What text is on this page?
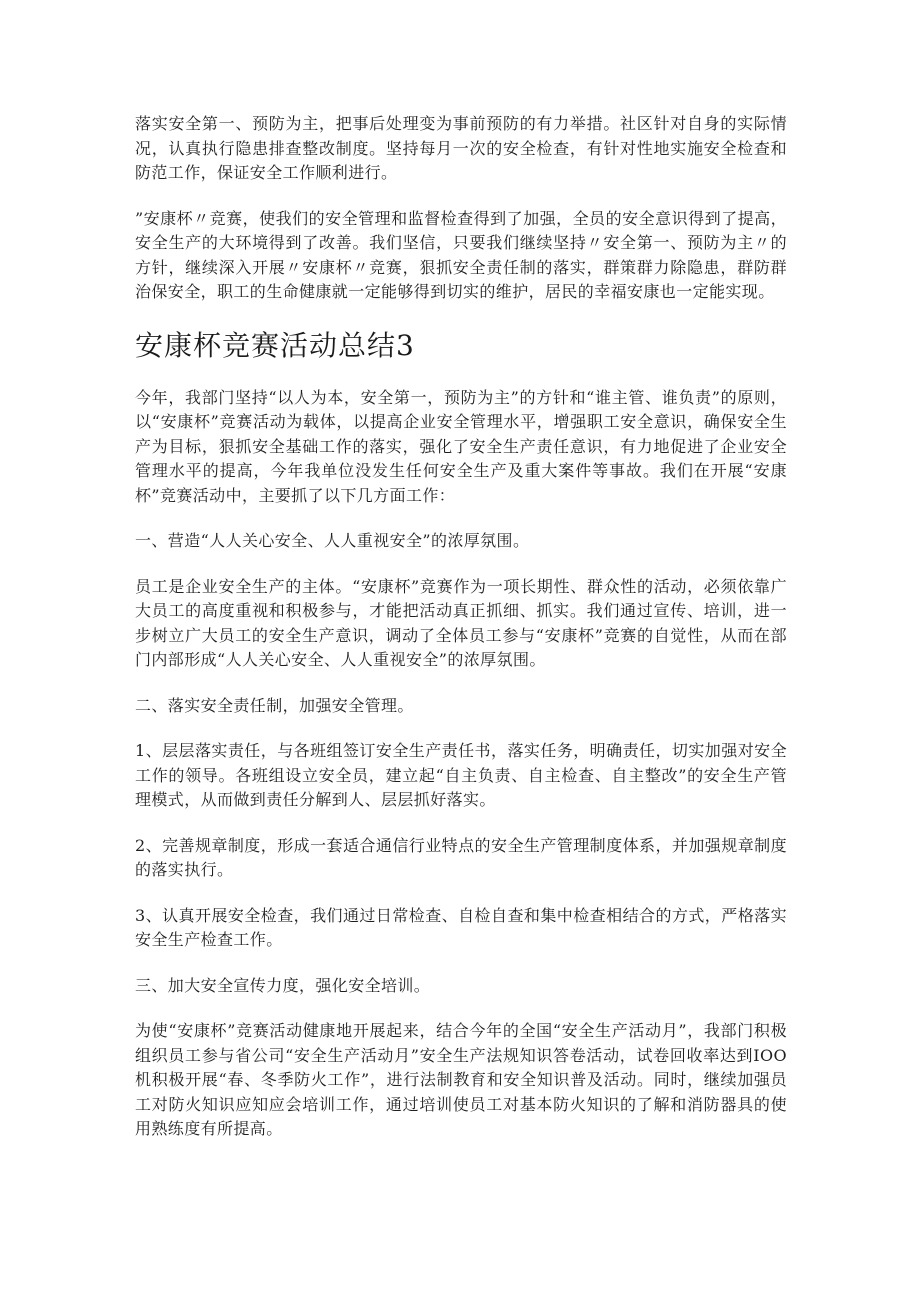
落实安全第一、预防为主，把事后处理变为事前预防的有力举措。社区针对自身的实际情况，认真执行隐患排查整改制度。坚持每月一次的安全检查，有针对性地实施安全检查和防范工作，保证安全工作顺利进行。

”安康杯〃竞赛，使我们的安全管理和监督检查得到了加强，全员的安全意识得到了提高，安全生产的大环境得到了改善。我们坚信，只要我们继续坚持〃安全第一、预防为主〃的方针，继续深入开展〃安康杯〃竞赛，狠抓安全责任制的落实，群策群力除隐患，群防群治保安全，职工的生命健康就一定能够得到切实的维护，居民的幸福安康也一定能实现。

安康杯竞赛活动总结3

今年，我部门坚持“以人为本，安全第一，预防为主”的方针和“谁主管、谁负责”的原则，以“安康杯”竞赛活动为载体，以提高企业安全管理水平，增强职工安全意识，确保安全生产为目标，狠抓安全基础工作的落实，强化了安全生产责任意识，有力地促进了企业安全管理水平的提高，今年我单位没发生任何安全生产及重大案件等事故。我们在开展“安康杯”竞赛活动中，主要抓了以下几方面工作：

一、营造“人人关心安全、人人重视安全”的浓厚氛围。

员工是企业安全生产的主体。“安康杯”竞赛作为一项长期性、群众性的活动，必须依靠广大员工的高度重视和积极参与，才能把活动真正抓细、抓实。我们通过宣传、培训，进一步树立广大员工的安全生产意识，调动了全体员工参与“安康杯”竞赛的自觉性，从而在部门内部形成“人人关心安全、人人重视安全”的浓厚氛围。

二、落实安全责任制，加强安全管理。

1、层层落实责任，与各班组签订安全生产责任书，落实任务，明确责任，切实加强对安全工作的领导。各班组设立安全员，建立起“自主负责、自主检查、自主整改”的安全生产管理模式，从而做到责任分解到人、层层抓好落实。

2、完善规章制度，形成一套适合通信行业特点的安全生产管理制度体系，并加强规章制度的落实执行。

3、认真开展安全检查，我们通过日常检查、自检自查和集中检查相结合的方式，严格落实安全生产检查工作。

三、加大安全宣传力度，强化安全培训。

为使“安康杯”竞赛活动健康地开展起来，结合今年的全国“安全生产活动月”，我部门积极组织员工参与省公司“安全生产活动月”安全生产法规知识答卷活动，试卷回收率达到IOO机积极开展“春、冬季防火工作”，进行法制教育和安全知识普及活动。同时，继续加强员工对防火知识应知应会培训工作，通过培训使员工对基本防火知识的了解和消防器具的使用熟练度有所提高。
